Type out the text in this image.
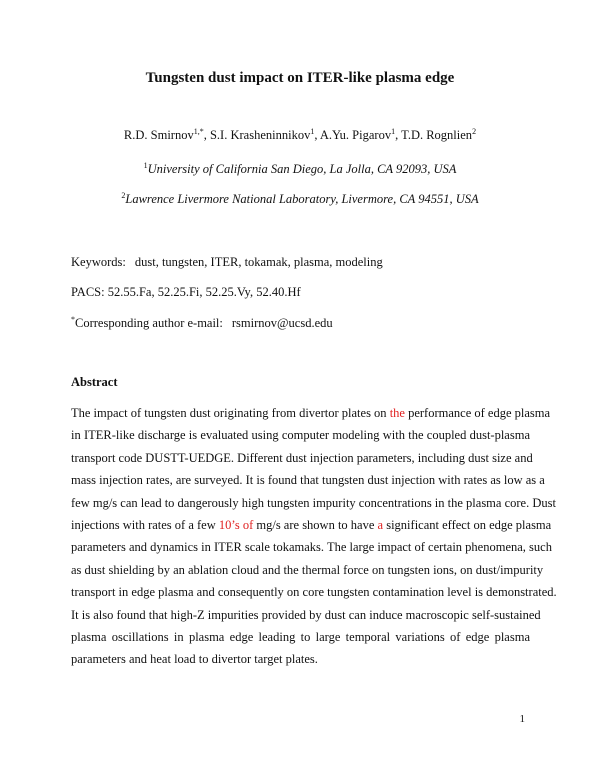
Tungsten dust impact on ITER-like plasma edge
R.D. Smirnov$^{1,*}$, S.I. Krasheninnikov$^1$, A.Yu. Pigarov$^1$, T.D. Rognlien$^2$
$^1$University of California San Diego, La Jolla, CA 92093, USA
$^2$Lawrence Livermore National Laboratory, Livermore, CA 94551, USA
Keywords: dust, tungsten, ITER, tokamak, plasma, modeling
PACS: 52.55.Fa, 52.25.Fi, 52.25.Vy, 52.40.Hf
*Corresponding author e-mail: rsmirnov@ucsd.edu
Abstract
The impact of tungsten dust originating from divertor plates on the performance of edge plasma
in ITER-like discharge is evaluated using computer modeling with the coupled dust-plasma
transport code DUSTT-UEDGE. Different dust injection parameters, including dust size and
mass injection rates, are surveyed. It is found that tungsten dust injection with rates as low as a
few mg/s can lead to dangerously high tungsten impurity concentrations in the plasma core. Dust
injections with rates of a few 10’s of mg/s are shown to have a significant effect on edge plasma
parameters and dynamics in ITER scale tokamaks. The large impact of certain phenomena, such
as dust shielding by an ablation cloud and the thermal force on tungsten ions, on dust/impurity
transport in edge plasma and consequently on core tungsten contamination level is demonstrated.
It is also found that high-Z impurities provided by dust can induce macroscopic self-sustained
plasma oscillations in plasma edge leading to large temporal variations of edge plasma
parameters and heat load to divertor target plates.
1
